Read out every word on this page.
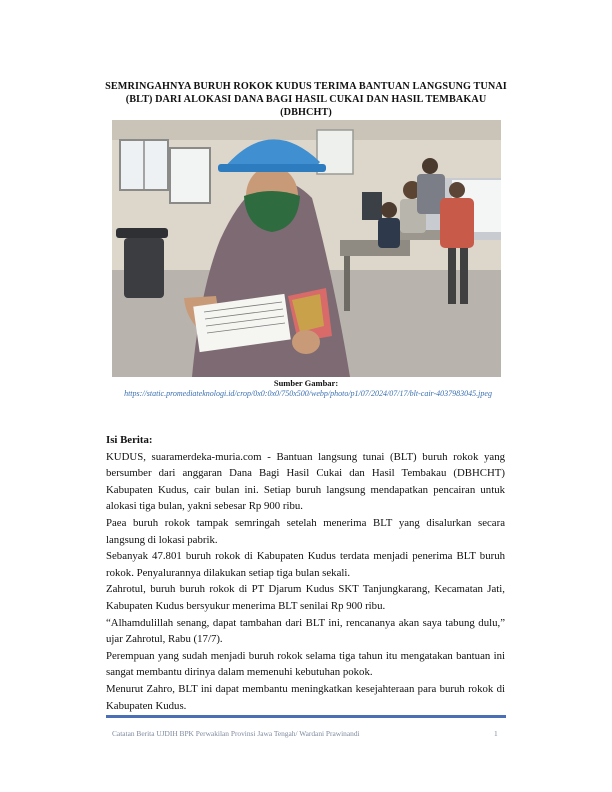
SEMRINGAHNYA BURUH ROKOK KUDUS TERIMA BANTUAN LANGSUNG TUNAI (BLT) DARI ALOKASI DANA BAGI HASIL CUKAI DAN HASIL TEMBAKAU (DBHCHT)
Sumber Gambar:
https://static.promediateknologi.id/crop/0x0:0x0/750x500/webp/photo/p1/07/2024/07/17/blt-cair-4037983045.jpeg
Isi Berita:

KUDUS, suaramerdeka-muria.com - Bantuan langsung tunai (BLT) buruh rokok yang bersumber dari anggaran Dana Bagi Hasil Cukai dan Hasil Tembakau (DBHCHT) Kabupaten Kudus, cair bulan ini. Setiap buruh langsung mendapatkan pencairan untuk alokasi tiga bulan, yakni sebesar Rp 900 ribu.

Paea buruh rokok tampak semringah setelah menerima BLT yang disalurkan secara langsung di lokasi pabrik.

Sebanyak 47.801 buruh rokok di Kabupaten Kudus terdata menjadi penerima BLT buruh rokok. Penyalurannya dilakukan setiap tiga bulan sekali.

Zahrotul, buruh buruh rokok di PT Djarum Kudus SKT Tanjungkarang, Kecamatan Jati, Kabupaten Kudus bersyukur menerima BLT senilai Rp 900 ribu.

“Alhamdulillah senang, dapat tambahan dari BLT ini, rencananya akan saya tabung dulu,” ujar Zahrotul, Rabu (17/7).

Perempuan yang sudah menjadi buruh rokok selama tiga tahun itu mengatakan bantuan ini sangat membantu dirinya dalam memenuhi kebutuhan pokok.

Menurut Zahro, BLT ini dapat membantu meningkatkan kesejahteraan para buruh rokok di Kabupaten Kudus.

Catatan Berita UJDIH BPK Perwakilan Provinsi Jawa Tengah/ Wardani Prawinandi	1
